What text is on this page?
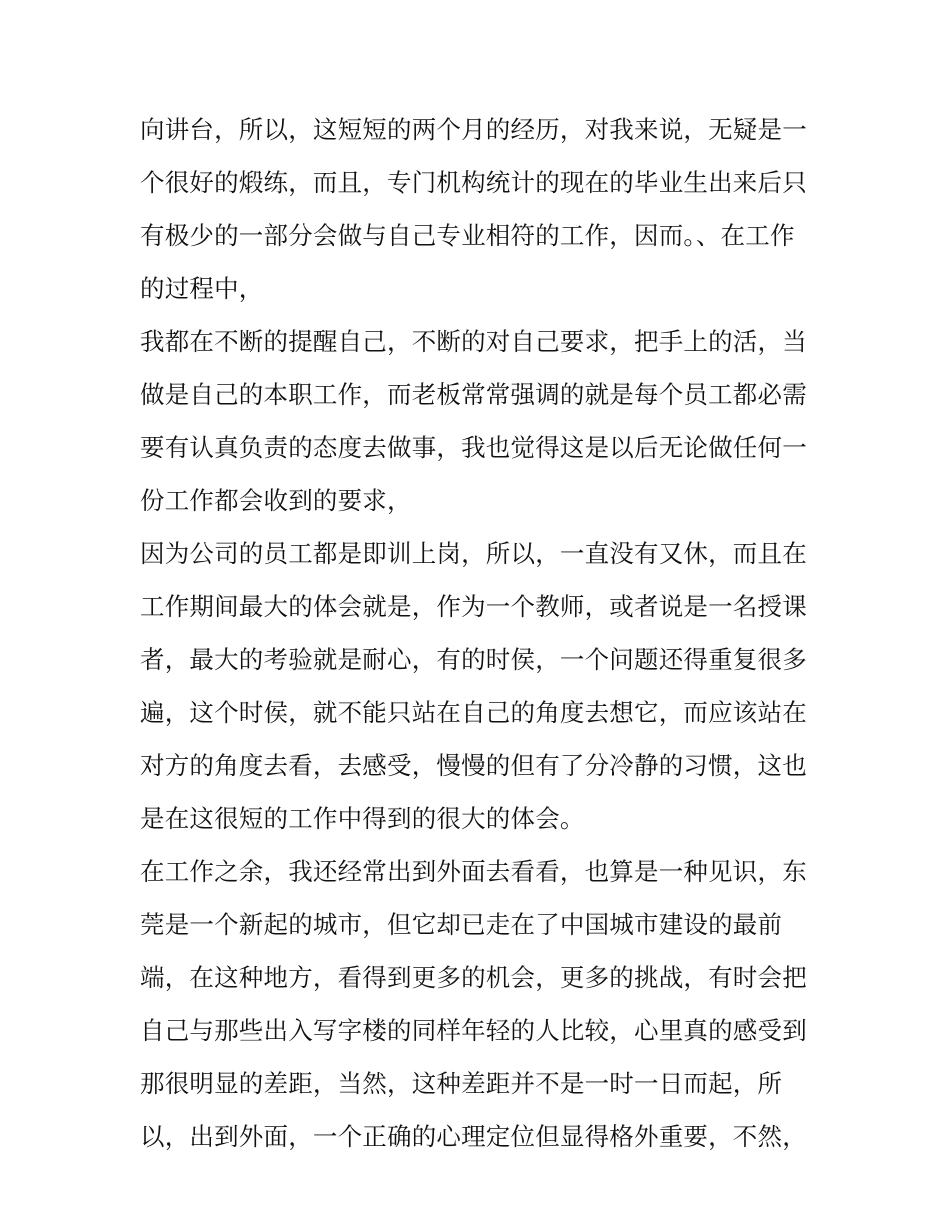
向讲台，所以，这短短的两个月的经历，对我来说，无疑是一
个很好的煅练，而且，专门机构统计的现在的毕业生出来后只
有极少的一部分会做与自己专业相符的工作，因而。、在工作
的过程中，
我都在不断的提醒自己，不断的对自己要求，把手上的活，当
做是自己的本职工作，而老板常常强调的就是每个员工都必需
要有认真负责的态度去做事，我也觉得这是以后无论做任何一
份工作都会收到的要求，
因为公司的员工都是即训上岗，所以，一直没有又休，而且在
工作期间最大的体会就是，作为一个教师，或者说是一名授课
者，最大的考验就是耐心，有的时侯，一个问题还得重复很多
遍，这个时侯，就不能只站在自己的角度去想它，而应该站在
对方的角度去看，去感受，慢慢的但有了分冷静的习惯，这也
是在这很短的工作中得到的很大的体会。
在工作之余，我还经常出到外面去看看，也算是一种见识，东
莞是一个新起的城市，但它却已走在了中国城市建设的最前
端，在这种地方，看得到更多的机会，更多的挑战，有时会把
自己与那些出入写字楼的同样年轻的人比较，心里真的感受到
那很明显的差距，当然，这种差距并不是一时一日而起，所
以，出到外面，一个正确的心理定位但显得格外重要，不然，
